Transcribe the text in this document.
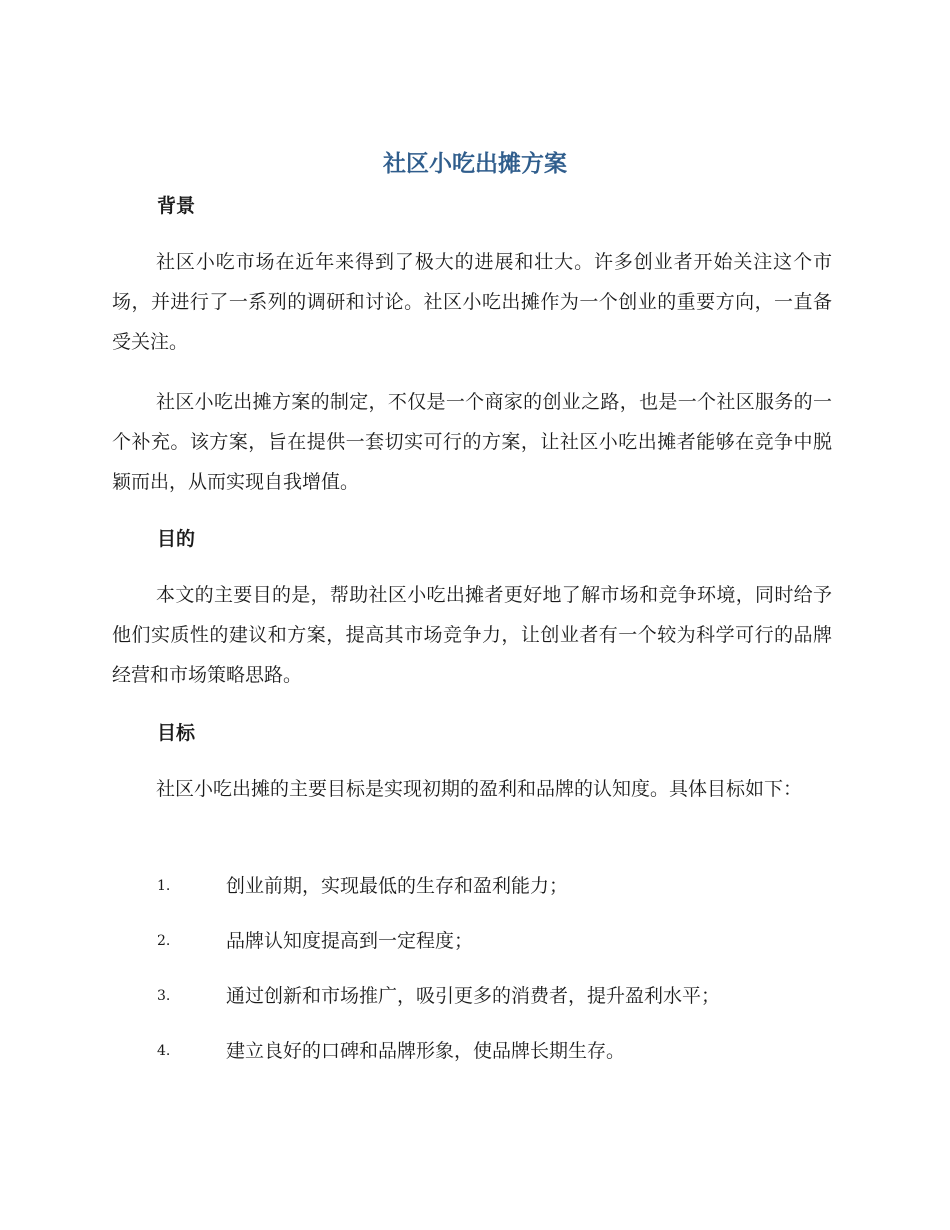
社区小吃出摊方案
背景

社区小吃市场在近年来得到了极大的进展和壮大。许多创业者开始关注这个市场，并进行了一系列的调研和讨论。社区小吃出摊作为一个创业的重要方向，一直备受关注。

社区小吃出摊方案的制定，不仅是一个商家的创业之路，也是一个社区服务的一个补充。该方案，旨在提供一套切实可行的方案，让社区小吃出摊者能够在竞争中脱颖而出，从而实现自我增值。

目的

本文的主要目的是，帮助社区小吃出摊者更好地了解市场和竞争环境，同时给予他们实质性的建议和方案，提高其市场竞争力，让创业者有一个较为科学可行的品牌经营和市场策略思路。

目标

社区小吃出摊的主要目标是实现初期的盈利和品牌的认知度。具体目标如下：

1.	创业前期，实现最低的生存和盈利能力；
2.	品牌认知度提高到一定程度；
3.	通过创新和市场推广，吸引更多的消费者，提升盈利水平；
4.	建立良好的口碑和品牌形象，使品牌长期生存。
